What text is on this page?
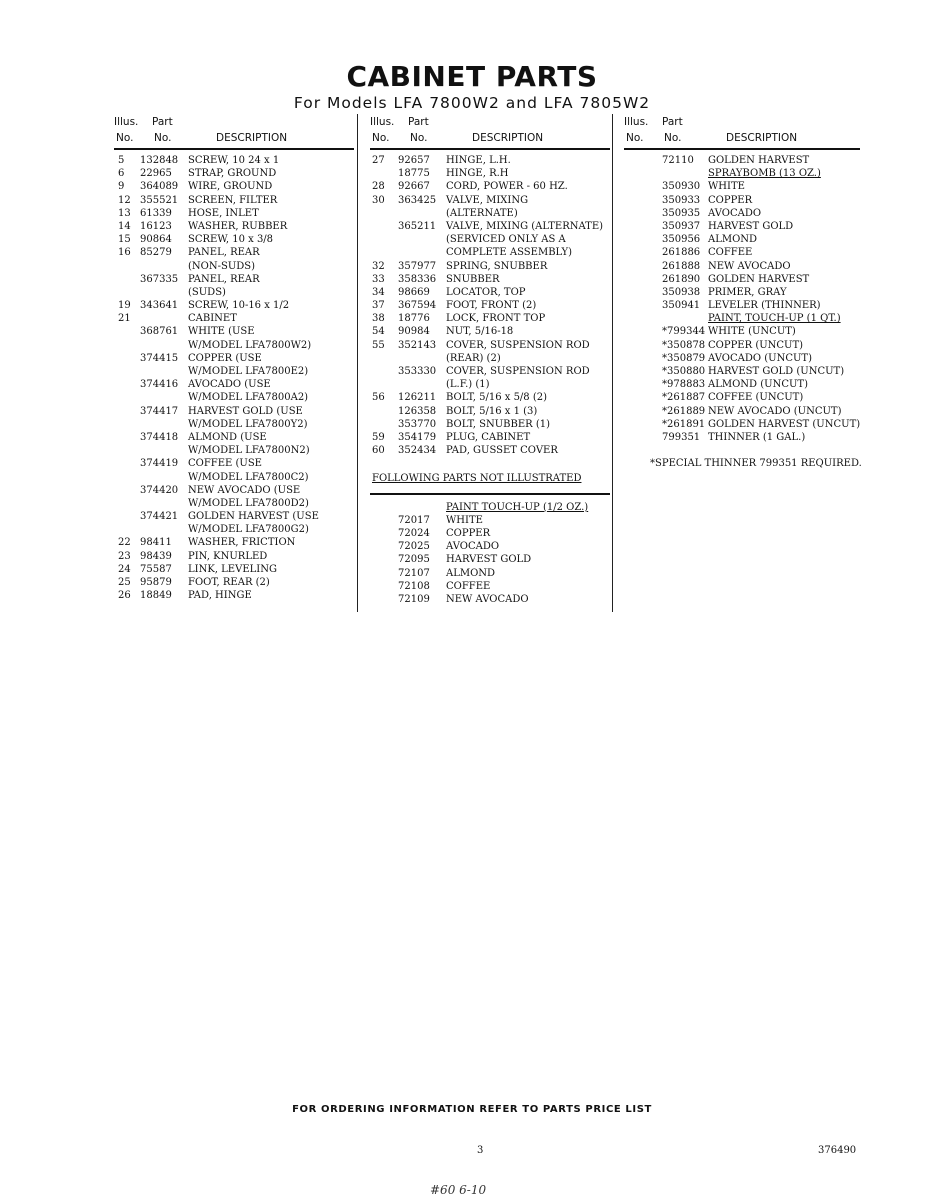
CABINET PARTS
For Models LFA 7800W2 and LFA 7805W2
Illus. Part
No. No.	DESCRIPTION
5 132848 SCREW, 10 24 x 1
6 22965 STRAP, GROUND
9 364089 WIRE, GROUND
12 355521 SCREEN, FILTER
13 61339 HOSE, INLET
14 16123 WASHER, RUBBER
15 90864 SCREW, 10 x 3/8
16 85279 PANEL, REAR
(NON-SUDS)
367335 PANEL, REAR
(SUDS)
19 343641 SCREW, 10-16 x 1/2
21	CABINET
368761 WHITE (USE
W/MODEL LFA7800W2)
374415 COPPER (USE
W/MODEL LFA7800E2)
374416 AVOCADO (USE
W/MODEL LFA7800A2)
374417 HARVEST GOLD (USE
W/MODEL LFA7800Y2)
374418 ALMOND (USE
W/MODEL LFA7800N2)
374419 COFFEE (USE
W/MODEL LFA7800C2)
374420 NEW AVOCADO (USE
W/MODEL LFA7800D2)
374421 GOLDEN HARVEST (USE
W/MODEL LFA7800G2)
22 98411 WASHER, FRICTION
23 98439 PIN, KNURLED
24 75587 LINK, LEVELING
25 95879 FOOT, REAR (2)
26 18849 PAD, HINGE
Illus. Part
No. No.	DESCRIPTION
27 92657 HINGE, L.H.
18775 HINGE, R.H
28 92667 CORD, POWER - 60 HZ.
30 363425 VALVE, MIXING
(ALTERNATE)
365211 VALVE, MIXING (ALTERNATE)
(SERVICED ONLY AS A
COMPLETE ASSEMBLY)
32 357977 SPRING, SNUBBER
33 358336 SNUBBER
34 98669 LOCATOR, TOP
37 367594 FOOT, FRONT (2)
38 18776 LOCK, FRONT TOP
54 90984 NUT, 5/16-18
55 352143 COVER, SUSPENSION ROD
(REAR) (2)
353330 COVER, SUSPENSION ROD
(L.F.) (1)
56 126211 BOLT, 5/16 x 5/8 (2)
126358 BOLT, 5/16 x 1 (3)
353770 BOLT, SNUBBER (1)
59 354179 PLUG, CABINET
60 352434 PAD, GUSSET COVER
FOLLOWING PARTS NOT ILLUSTRATED
PAINT TOUCH-UP (1/2 OZ.)
72017 WHITE
72024 COPPER
72025 AVOCADO
72095 HARVEST GOLD
72107 ALMOND
72108 COFFEE
72109 NEW AVOCADO
Illus. Part
No. No.	DESCRIPTION
72110 GOLDEN HARVEST
SPRAYBOMB (13 OZ.)
350930 WHITE
350933 COPPER
350935 AVOCADO
350937 HARVEST GOLD
350956 ALMOND
261886 COFFEE
261888 NEW AVOCADO
261890 GOLDEN HARVEST
350938 PRIMER, GRAY
350941 LEVELER (THINNER)
PAINT, TOUCH-UP (1 QT.)
*799344 WHITE (UNCUT)
*350878 COPPER (UNCUT)
*350879 AVOCADO (UNCUT)
*350880 HARVEST GOLD (UNCUT)
*978883 ALMOND (UNCUT)
*261887 COFFEE (UNCUT)
*261889 NEW AVOCADO (UNCUT)
*261891 GOLDEN HARVEST (UNCUT)
799351 THINNER (1 GAL.)
*SPECIAL THINNER 799351 REQUIRED.
FOR ORDERING INFORMATION REFER TO PARTS PRICE LIST
3	376490
#60 6-10
